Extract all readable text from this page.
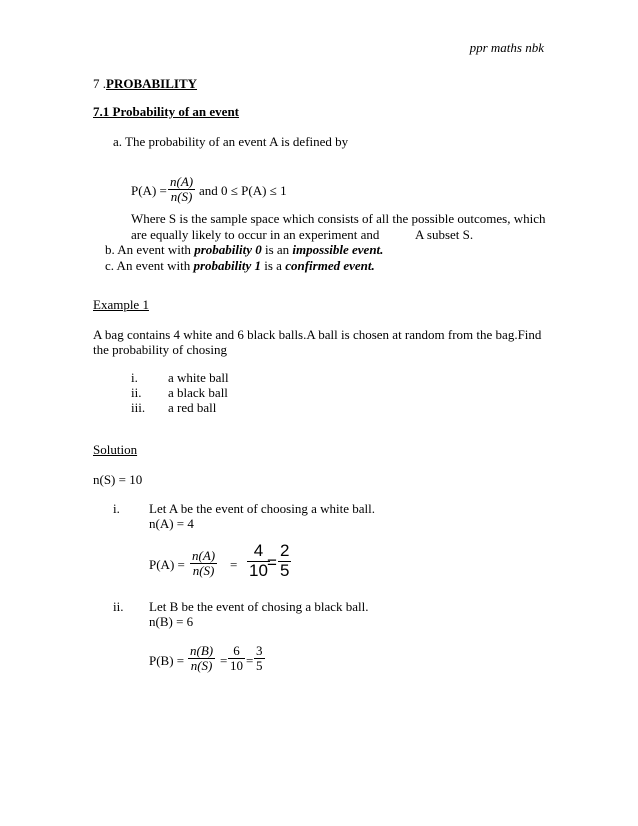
ppr maths nbk
7 .PROBABILITY
7.1 Probability of an event
a. The probability of an event A is defined by
P(A) =
n(A)
n(S) and 0 ≤ P(A) ≤ 1
Where S is the sample space which consists of all the possible outcomes, which
are equally likely to occur in an experiment and	A subset S.
b. An event with probability 0 is an impossible event.
c. An event with probability 1 is a confirmed event.
Example 1
A bag contains 4 white and 6 black balls.A ball is chosen at random from the bag.Find
the probability of chosing
i. a white ball
ii. a black ball
iii. a red ball
Solution
n(S) = 10
i. Let A be the event of choosing a white ball.
n(A) = 4
P(A) =
n(A)
n(S) =
4
10 =
2
5
ii. Let B be the event of chosing a black ball.
n(B) = 6
P(B) =
n(B)
n(S) =
6
10 =
3
5
